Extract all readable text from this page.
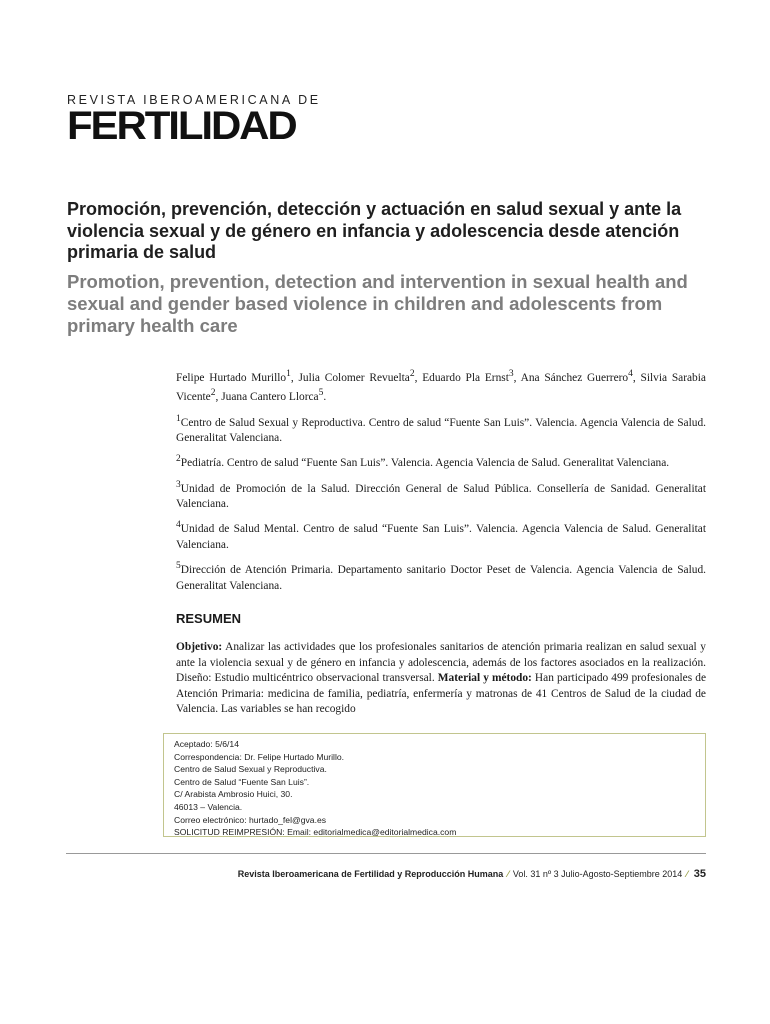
REVISTA IBEROAMERICANA DE
FERTILIDAD
Promoción, prevención, detección y actuación en salud sexual y ante la violencia sexual y de género en infancia y adolescencia desde atención primaria de salud
Promotion, prevention, detection and intervention in sexual health and sexual and gender based violence in children and adolescents from primary health care

Felipe Hurtado Murillo$^1$, Julia Colomer Revuelta$^2$, Eduardo Pla Ernst$^3$, Ana Sánchez Guerrero$^4$, Silvia Sarabia Vicente$^2$, Juana Cantero Llorca$^5$.

$^1$Centro de Salud Sexual y Reproductiva. Centro de salud “Fuente San Luis”. Valencia. Agencia Valencia de Salud. Generalitat Valenciana.

$^2$Pediatría. Centro de salud “Fuente San Luis”. Valencia. Agencia Valencia de Salud. Generalitat Valenciana.

$^3$Unidad de Promoción de la Salud. Dirección General de Salud Pública. Consellería de Sanidad. Generalitat Valenciana.

$^4$Unidad de Salud Mental. Centro de salud “Fuente San Luis”. Valencia. Agencia Valencia de Salud. Generalitat Valenciana.

$^5$Dirección de Atención Primaria. Departamento sanitario Doctor Peset de Valencia. Agencia Valencia de Salud. Generalitat Valenciana.

RESUMEN
Objetivo: Analizar las actividades que los profesionales sanitarios de atención primaria realizan en salud sexual y ante la violencia sexual y de género en infancia y adolescencia, además de los factores asociados en la realización. Diseño: Estudio multicéntrico observacional transversal. Material y método: Han participado 499 profesionales de Atención Primaria: medicina de familia, pediatría, enfermería y matronas de 41 Centros de Salud de la ciudad de Valencia. Las variables se han recogido
Aceptado: 5/6/14
Correspondencia: Dr. Felipe Hurtado Murillo.
Centro de Salud Sexual y Reproductiva.
Centro de Salud “Fuente San Luis”.
C/ Arabista Ambrosio Huici, 30.
46013 – Valencia.
Correo electrónico: hurtado_fel@gva.es
SOLICITUD REIMPRESIÓN: Email: editorialmedica@editorialmedica.com
Revista Iberoamericana de Fertilidad y Reproducción Humana ⁄ Vol. 31 nº 3 Julio-Agosto-Septiembre 2014 ⁄ 35
